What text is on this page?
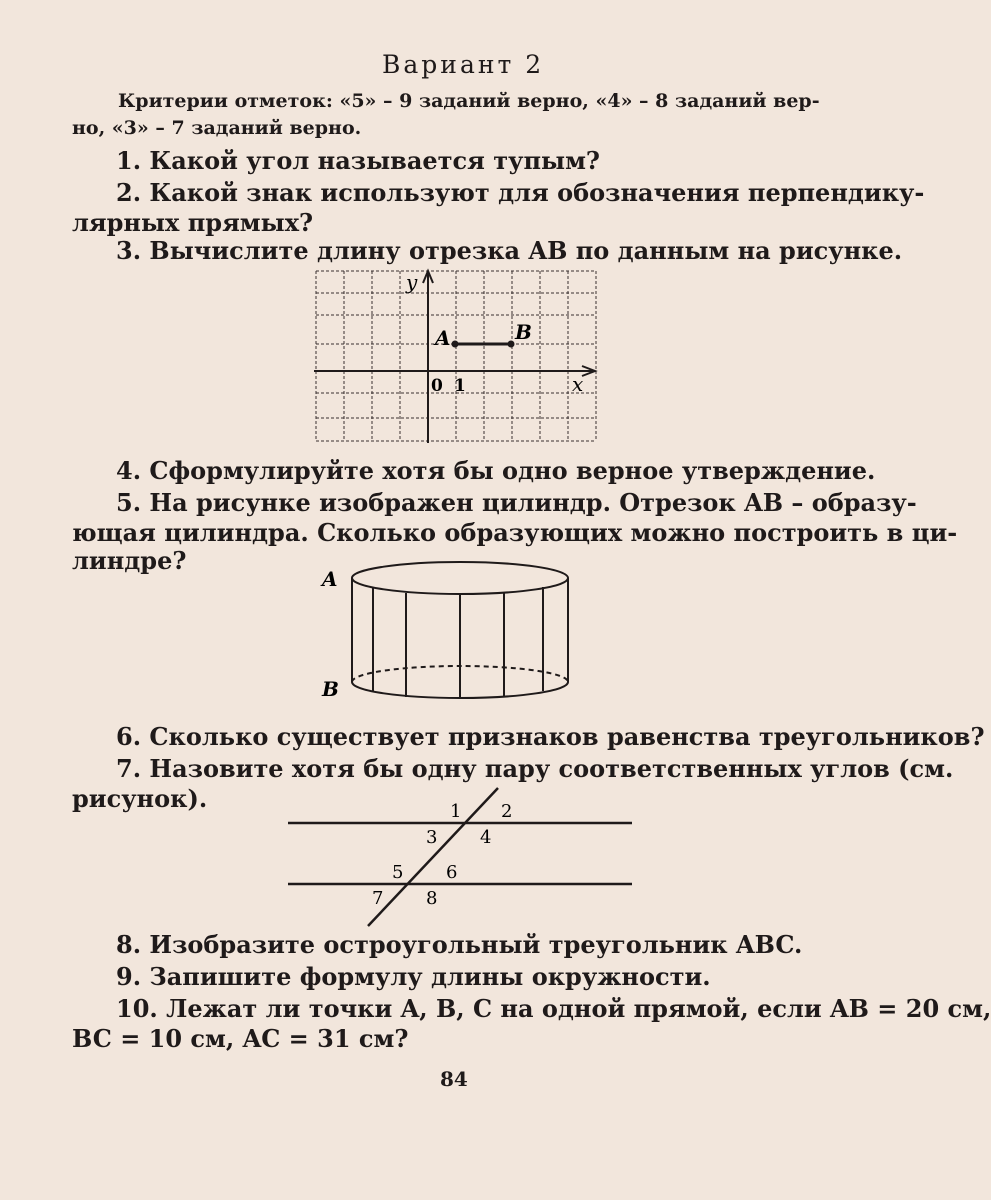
Вариант 2
Критерии отметок: «5» – 9 заданий верно, «4» – 8 заданий вер-
но, «3» – 7 заданий верно.
1. Какой угол называется тупым?
2. Какой знак используют для обозначения перпендику-
лярных прямых?
3. Вычислите длину отрезка AB по данным на рисунке.
y
x
0 1
A	B
4. Сформулируйте хотя бы одно верное утверждение.
5. На рисунке изображен цилиндр. Отрезок AB – образу-
ющая цилиндра. Сколько образующих можно построить в ци-
линдре?
A
B
6. Сколько существует признаков равенства треугольников?
7. Назовите хотя бы одну пару соответственных углов (см.
рисунок).	1 2
3 4
5 6
7 8
8. Изобразите остроугольный треугольник ABC.
9. Запишите формулу длины окружности.
10. Лежат ли точки A, B, C на одной прямой, если AB = 20 см,
BC = 10 см, AC = 31 см?
84
